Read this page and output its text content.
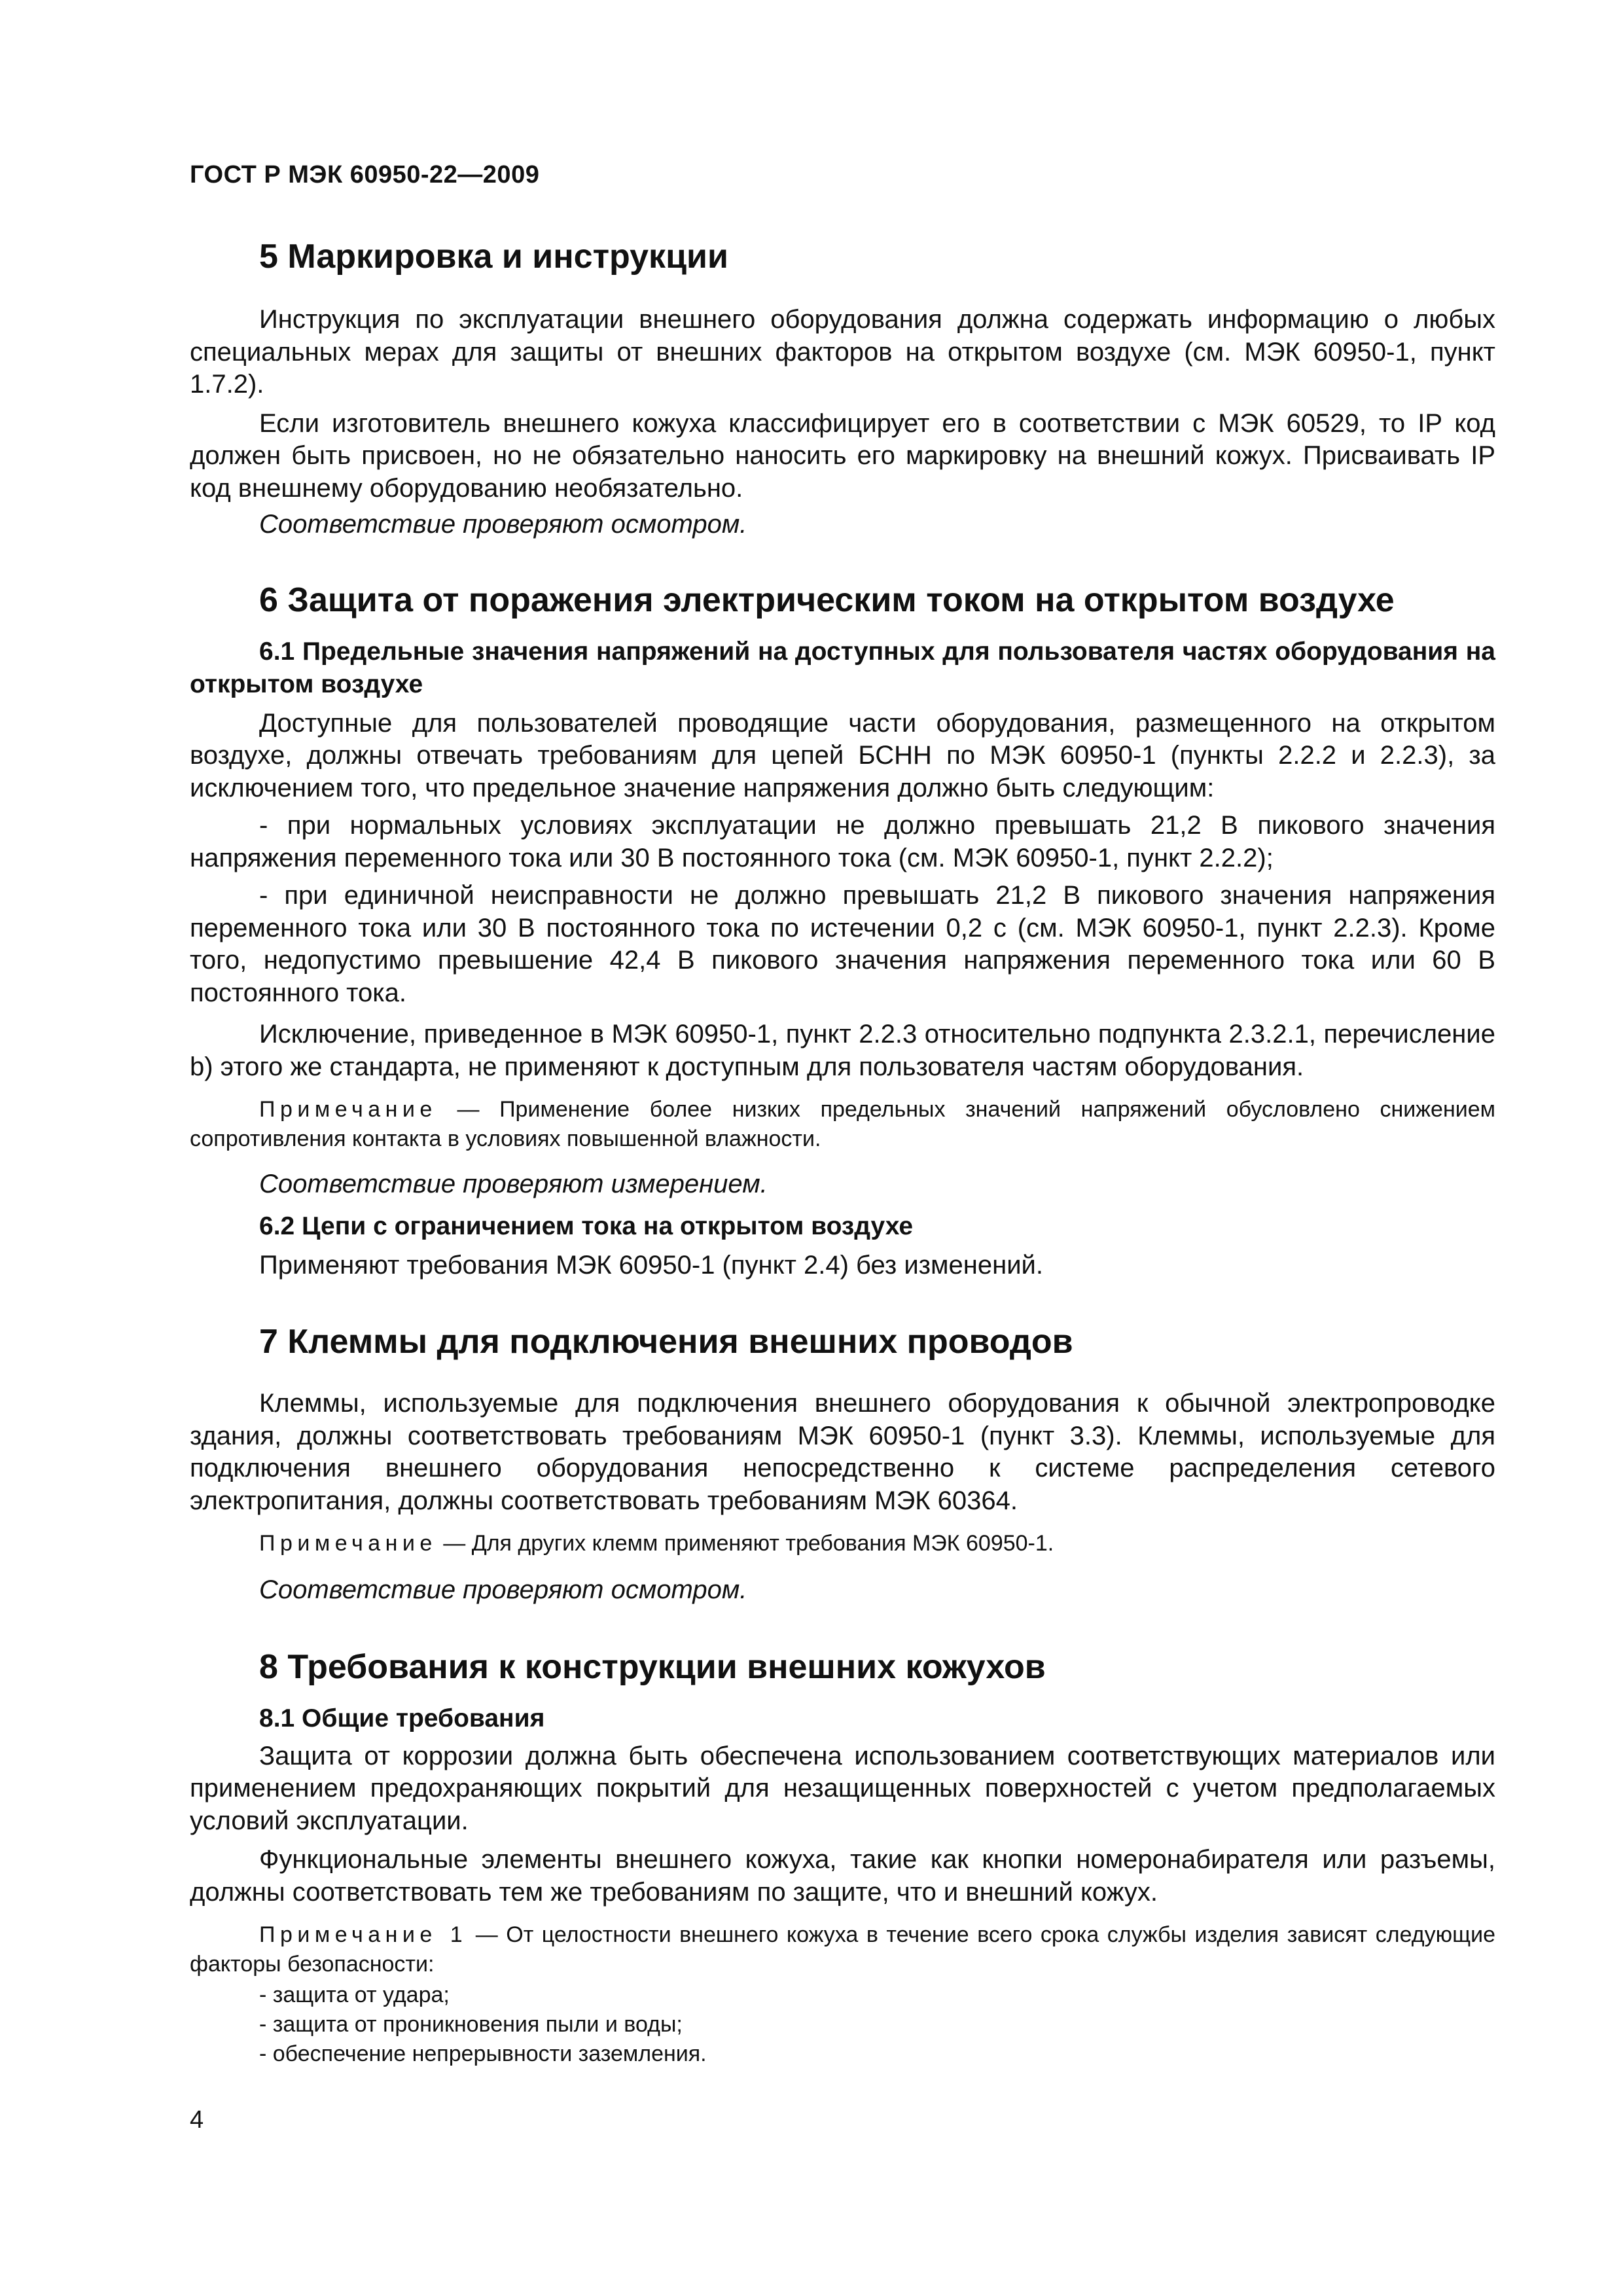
ГОСТ Р МЭК 60950-22—2009
5 Маркировка и инструкции

Инструкция по эксплуатации внешнего оборудования должна содержать информацию о любых специальных мерах для защиты от внешних факторов на открытом воздухе (см. МЭК 60950-1, пункт 1.7.2).

Если изготовитель внешнего кожуха классифицирует его в соответствии с МЭК 60529, то IP код должен быть присвоен, но не обязательно наносить его маркировку на внешний кожух. Присваивать IP код внешнему оборудованию необязательно.

Соответствие проверяют осмотром.

6 Защита от поражения электрическим током на открытом воздухе
6.1 Предельные значения напряжений на доступных для пользователя частях оборудования на открытом воздухе

Доступные для пользователей проводящие части оборудования, размещенного на открытом воздухе, должны отвечать требованиям для цепей БСНН по МЭК 60950-1 (пункты 2.2.2 и 2.2.3), за исключением того, что предельное значение напряжения должно быть следующим:

- при нормальных условиях эксплуатации не должно превышать 21,2 В пикового значения напряжения переменного тока или 30 В постоянного тока (см. МЭК 60950-1, пункт 2.2.2);

- при единичной неисправности не должно превышать 21,2 В пикового значения напряжения переменного тока или 30 В постоянного тока по истечении 0,2 с (см. МЭК 60950-1, пункт 2.2.3). Кроме того, недопустимо превышение 42,4 В пикового значения напряжения переменного тока или 60 В постоянного тока.

Исключение, приведенное в МЭК 60950-1, пункт 2.2.3 относительно подпункта 2.3.2.1, перечисление b) этого же стандарта, не применяют к доступным для пользователя частям оборудования.

Примечание — Применение более низких предельных значений напряжений обусловлено снижением сопротивления контакта в условиях повышенной влажности.

Соответствие проверяют измерением.

6.2 Цепи с ограничением тока на открытом воздухе

Применяют требования МЭК 60950-1 (пункт 2.4) без изменений.

7 Клеммы для подключения внешних проводов

Клеммы, используемые для подключения внешнего оборудования к обычной электропроводке здания, должны соответствовать требованиям МЭК 60950-1 (пункт 3.3). Клеммы, используемые для подключения внешнего оборудования непосредственно к системе распределения сетевого электропитания, должны соответствовать требованиям МЭК 60364.

Примечание — Для других клемм применяют требования МЭК 60950-1.

Соответствие проверяют осмотром.

8 Требования к конструкции внешних кожухов
8.1 Общие требования

Защита от коррозии должна быть обеспечена использованием соответствующих материалов или применением предохраняющих покрытий для незащищенных поверхностей с учетом предполагаемых условий эксплуатации.

Функциональные элементы внешнего кожуха, такие как кнопки номеронабирателя или разъемы, должны соответствовать тем же требованиям по защите, что и внешний кожух.

Примечание 1 — От целостности внешнего кожуха в течение всего срока службы изделия зависят следующие факторы безопасности:

- защита от удара;

- защита от проникновения пыли и воды;

- обеспечение непрерывности заземления.

4
